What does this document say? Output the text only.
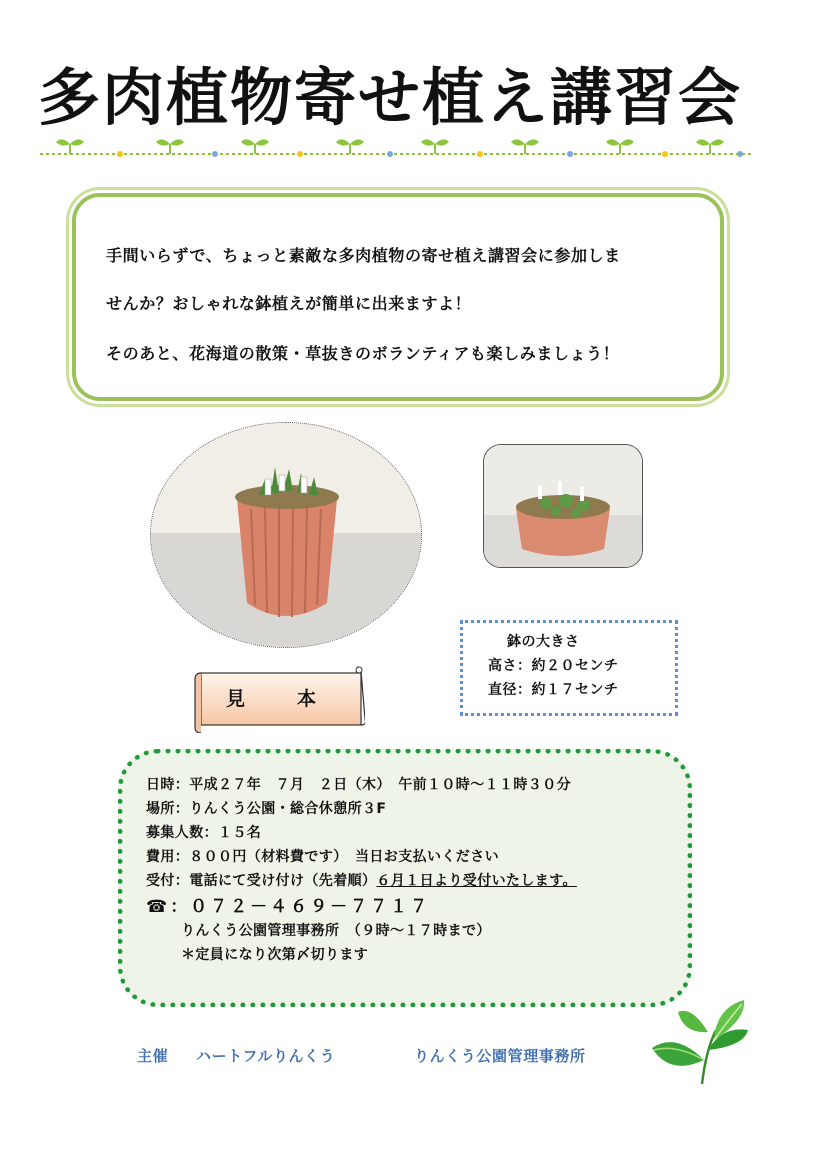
多肉植物寄せ植え講習会

手間いらずで、ちょっと素敵な多肉植物の寄せ植え講習会に参加しま

せんか？おしゃれな鉢植えが簡単に出来ますよ！

そのあと、花海道の散策・草抜きのボランティアも楽しみましょう！

見本
鉢の大きさ
高さ：約２０センチ
直径：約１７センチ
日時：平成２７年　７月　２日（木）　午前１０時～１１時３０分
場所：りんくう公園・総合休憩所３F
募集人数：１５名
費用：８００円（材料費です）　当日お支払いください
受付：電話にて受け付け（先着順）６月１日より受付いたします。
☎：０７２－４６９－７７１７
りんくう公園管理事務所　（９時～１７時まで）
＊定員になり次第〆切ります
主催 ハートフルりんくう	りんくう公園管理事務所
